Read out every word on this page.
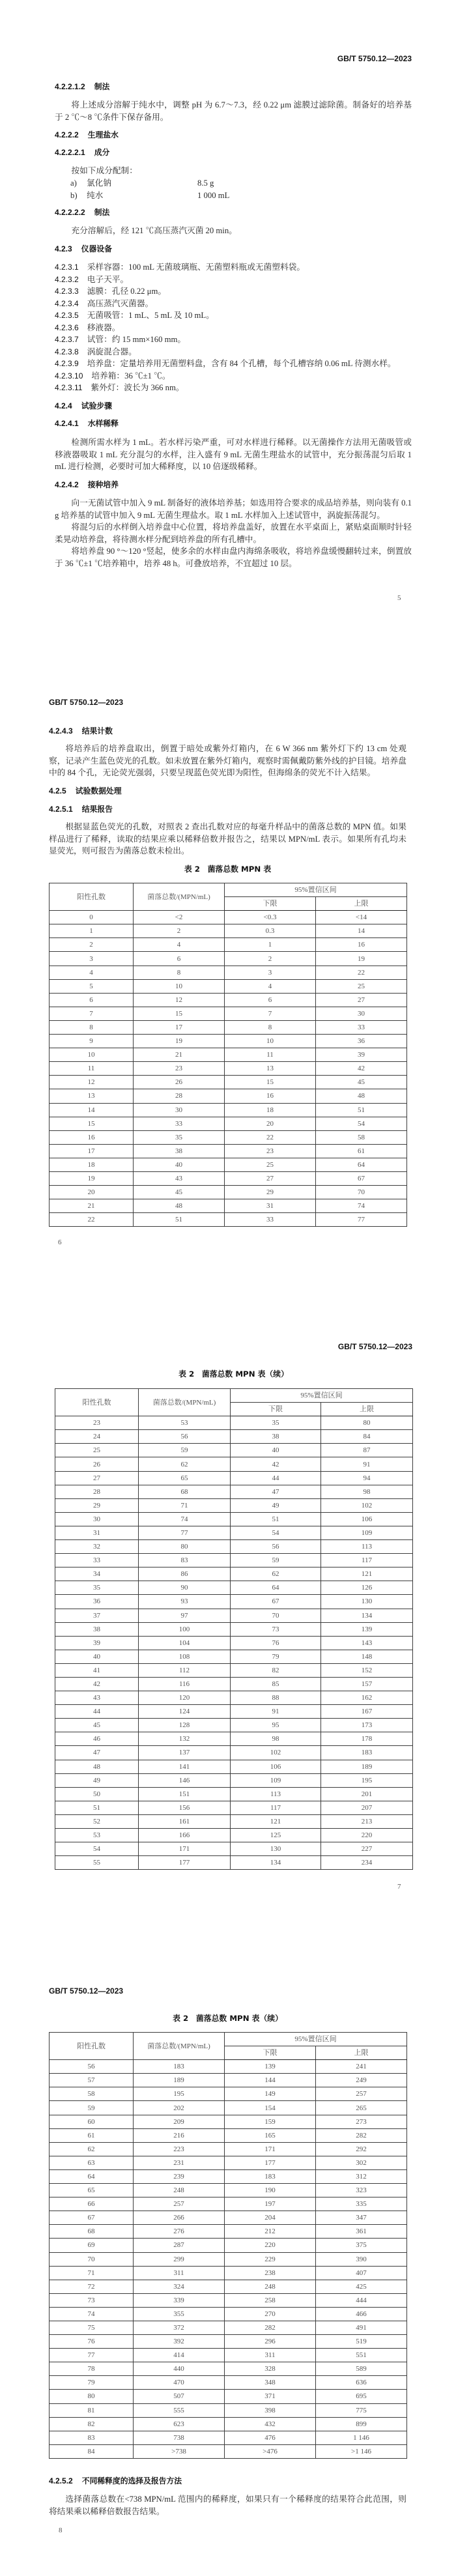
GB/T 5750.12—2023
4.2.2.1.2 制法

将上述成分溶解于纯水中，调整 pH 为 6.7～7.3，经 0.22 μm 滤膜过滤除菌。制备好的培养基于 2 ℃～8 ℃条件下保存备用。

4.2.2.2 生理盐水
4.2.2.2.1 成分

按如下成分配制：

a)	氯化钠	8.5 g
b)	纯水	1 000 mL
4.2.2.2.2 制法

充分溶解后，经 121 ℃高压蒸汽灭菌 20 min。

4.2.3 仪器设备
4.2.3.1 采样容器：100 mL 无菌玻璃瓶、无菌塑料瓶或无菌塑料袋。
4.2.3.2 电子天平。
4.2.3.3 滤膜：孔径 0.22 μm。
4.2.3.4 高压蒸汽灭菌器。
4.2.3.5 无菌吸管：1 mL、5 mL 及 10 mL。
4.2.3.6 移液器。
4.2.3.7 试管：约 15 mm×160 mm。
4.2.3.8 涡旋混合器。
4.2.3.9 培养盘：定量培养用无菌塑料盘，含有 84 个孔槽，每个孔槽容纳 0.06 mL 待测水样。
4.2.3.10 培养箱：36 ℃±1 ℃。
4.2.3.11 紫外灯：波长为 366 nm。
4.2.4 试验步骤
4.2.4.1 水样稀释

检测所需水样为 1 mL。若水样污染严重，可对水样进行稀释。以无菌操作方法用无菌吸管或移液器吸取 1 mL 充分混匀的水样，注入盛有 9 mL 无菌生理盐水的试管中，充分振荡混匀后取 1 mL 进行检测，必要时可加大稀释度，以 10 倍逐级稀释。

4.2.4.2 接种培养

向一无菌试管中加入 9 mL 制备好的液体培养基；如选用符合要求的成品培养基，则向装有 0.1 g 培养基的试管中加入 9 mL 无菌生理盐水。取 1 mL 水样加入上述试管中，涡旋振荡混匀。

将混匀后的水样倒入培养盘中心位置，将培养盘盖好，放置在水平桌面上，紧贴桌面顺时针轻柔晃动培养盘，将待测水样分配到培养盘的所有孔槽中。

将培养盘 90 °～120 °竖起，使多余的水样由盘内海绵条吸收，将培养盘缓慢翻转过来，倒置放于 36 ℃±1 ℃培养箱中，培养 48 h。可叠放培养，不宜超过 10 层。

5
GB/T 5750.12—2023
4.2.4.3 结果计数

将培养后的培养盘取出，倒置于暗处或紫外灯箱内，在 6 W 366 nm 紫外灯下约 13 cm 处观察，记录产生蓝色荧光的孔数。如未放置在紫外灯箱内，观察时需佩戴防紫外线的护目镜。培养盘中的 84 个孔，无论荧光强弱，只要呈现蓝色荧光即为阳性，但海绵条的荧光不计入结果。

4.2.5 试验数据处理
4.2.5.1 结果报告

根据显蓝色荧光的孔数，对照表 2 查出孔数对应的每毫升样品中的菌落总数的 MPN 值。如果样品进行了稀释，读取的结果应乘以稀释倍数并报告之，结果以 MPN/mL 表示。如果所有孔均未显荧光，则可报告为菌落总数未检出。

表 2　菌落总数 MPN 表
阳性孔数	菌落总数/(MPN/mL)	95%置信区间	
		下限	上限
0	<2	<0.3	<14
1	2	0.3	14
2	4	1	16
3	6	2	19
4	8	3	22
5	10	4	25
6	12	6	27
7	15	7	30
8	17	8	33
9	19	10	36
10	21	11	39
11	23	13	42
12	26	15	45
13	28	16	48
14	30	18	51
15	33	20	54
16	35	22	58
17	38	23	61
18	40	25	64
19	43	27	67
20	45	29	70
21	48	31	74
22	51	33	77
6
GB/T 5750.12—2023
表 2　菌落总数 MPN 表（续）
阳性孔数	菌落总数/(MPN/mL)	95%置信区间	
		下限	上限
23	53	35	80
24	56	38	84
25	59	40	87
26	62	42	91
27	65	44	94
28	68	47	98
29	71	49	102
30	74	51	106
31	77	54	109
32	80	56	113
33	83	59	117
34	86	62	121
35	90	64	126
36	93	67	130
37	97	70	134
38	100	73	139
39	104	76	143
40	108	79	148
41	112	82	152
42	116	85	157
43	120	88	162
44	124	91	167
45	128	95	173
46	132	98	178
47	137	102	183
48	141	106	189
49	146	109	195
50	151	113	201
51	156	117	207
52	161	121	213
53	166	125	220
54	171	130	227
55	177	134	234
7
GB/T 5750.12—2023
表 2　菌落总数 MPN 表（续）
阳性孔数	菌落总数/(MPN/mL)	95%置信区间	
		下限	上限
56	183	139	241
57	189	144	249
58	195	149	257
59	202	154	265
60	209	159	273
61	216	165	282
62	223	171	292
63	231	177	302
64	239	183	312
65	248	190	323
66	257	197	335
67	266	204	347
68	276	212	361
69	287	220	375
70	299	229	390
71	311	238	407
72	324	248	425
73	339	258	444
74	355	270	466
75	372	282	491
76	392	296	519
77	414	311	551
78	440	328	589
79	470	348	636
80	507	371	695
81	555	398	775
82	623	432	899
83	738	476	1 146
84	>738	>476	>1 146
4.2.5.2 不同稀释度的选择及报告方法

选择菌落总数在<738 MPN/mL 范围内的稀释度，如果只有一个稀释度的结果符合此范围，则将结果乘以稀释倍数报告结果。

8
